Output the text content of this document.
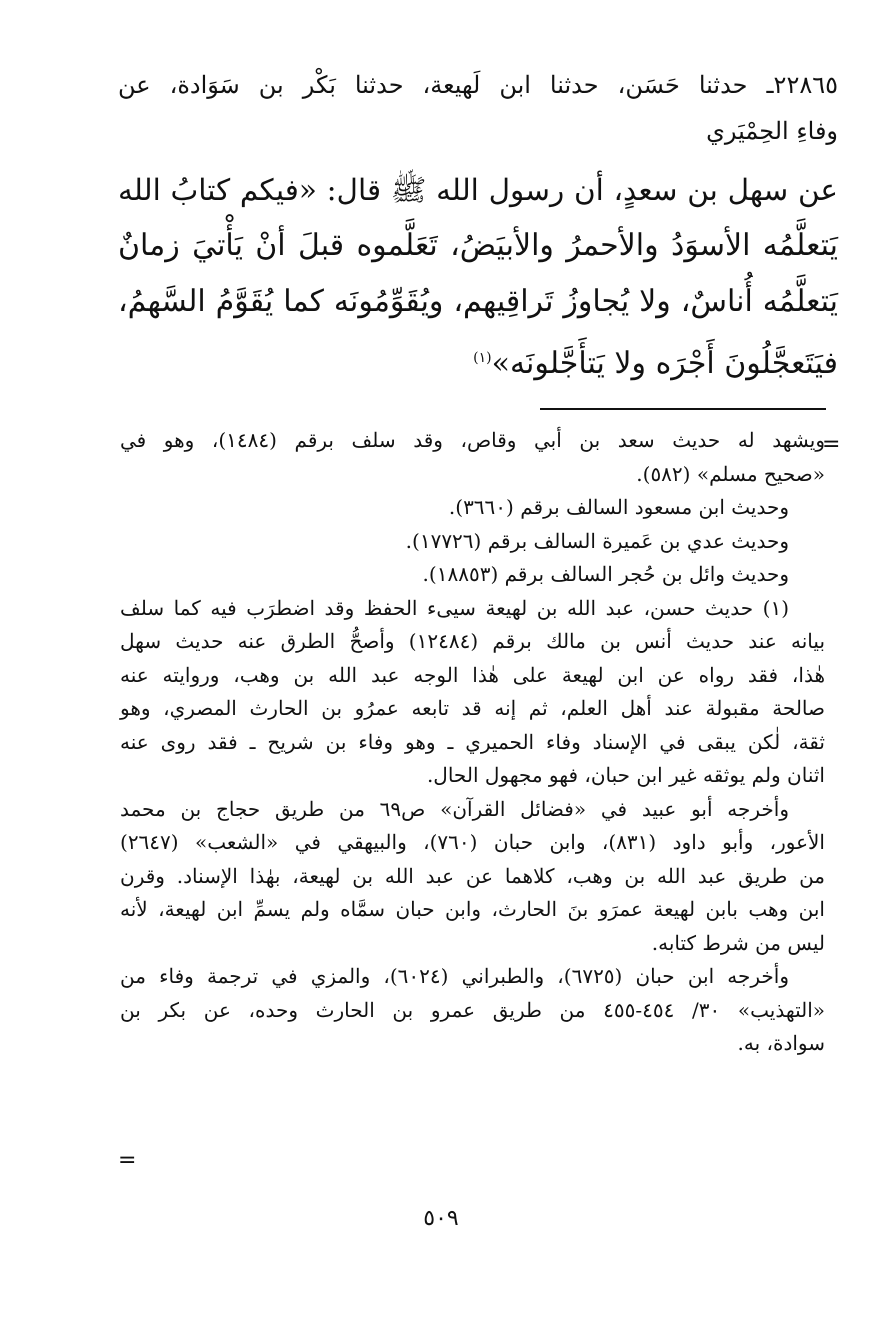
٢٢٨٦٥ـ حدثنا حَسَن، حدثنا ابن لَهيعة، حدثنا بَكْر بن سَوَادة، عن
وفاءِ الحِمْيَري
عن سهل بن سعدٍ، أن رسول الله ﷺ قال: «فيكم كتابُ الله
يَتعلَّمُه الأسوَدُ والأحمرُ والأبيَضُ، تَعَلَّموه قبلَ أنْ يَأْتيَ زمانٌ
يَتعلَّمُه أُناسٌ، ولا يُجاوزُ تَراقِيهم، ويُقَوِّمُونَه كما يُقَوَّمُ السَّهمُ،
فيَتَعجَّلُونَ أَجْرَه ولا يَتأَجَّلونَه»$^{(١)}$
=
ويشهد له حديث سعد بن أبي وقاص، وقد سلف برقم (١٤٨٤)، وهو في
«صحيح مسلم» (٥٨٢).
وحديث ابن مسعود السالف برقم (٣٦٦٠).
وحديث عدي بن عَميرة السالف برقم (١٧٧٢٦).
وحديث وائل بن حُجر السالف برقم (١٨٨٥٣).
(١) حديث حسن، عبد الله بن لهيعة سيىء الحفظ وقد اضطرَب فيه كما سلف
بيانه عند حديث أنس بن مالك برقم (١٢٤٨٤) وأصحُّ الطرق عنه حديث سهل
هٰذا، فقد رواه عن ابن لهيعة على هٰذا الوجه عبد الله بن وهب، وروايته عنه
صالحة مقبولة عند أهل العلم، ثم إنه قد تابعه عمرُو بن الحارث المصري، وهو
ثقة، لٰكن يبقى في الإسناد وفاء الحميري ـ وهو وفاء بن شريح ـ فقد روى عنه
اثنان ولم يوثقه غير ابن حبان، فهو مجهول الحال.
وأخرجه أبو عبيد في «فضائل القرآن» ص٦٩ من طريق حجاج بن محمد
الأعور، وأبو داود (٨٣١)، وابن حبان (٧٦٠)، والبيهقي في «الشعب» (٢٦٤٧)
من طريق عبد الله بن وهب، كلاهما عن عبد الله بن لهيعة، بهٰذا الإسناد. وقرن
ابن وهب بابن لهيعة عمرَو بنَ الحارث، وابن حبان سمَّاه ولم يسمِّ ابن لهيعة، لأنه
ليس من شرط كتابه.
وأخرجه ابن حبان (٦٧٢٥)، والطبراني (٦٠٢٤)، والمزي في ترجمة وفاء من
«التهذيب» ٣٠/ ٤٥٤-٤٥٥ من طريق عمرو بن الحارث وحده، عن بكر بن
سوادة، به.
=
٥٠٩
